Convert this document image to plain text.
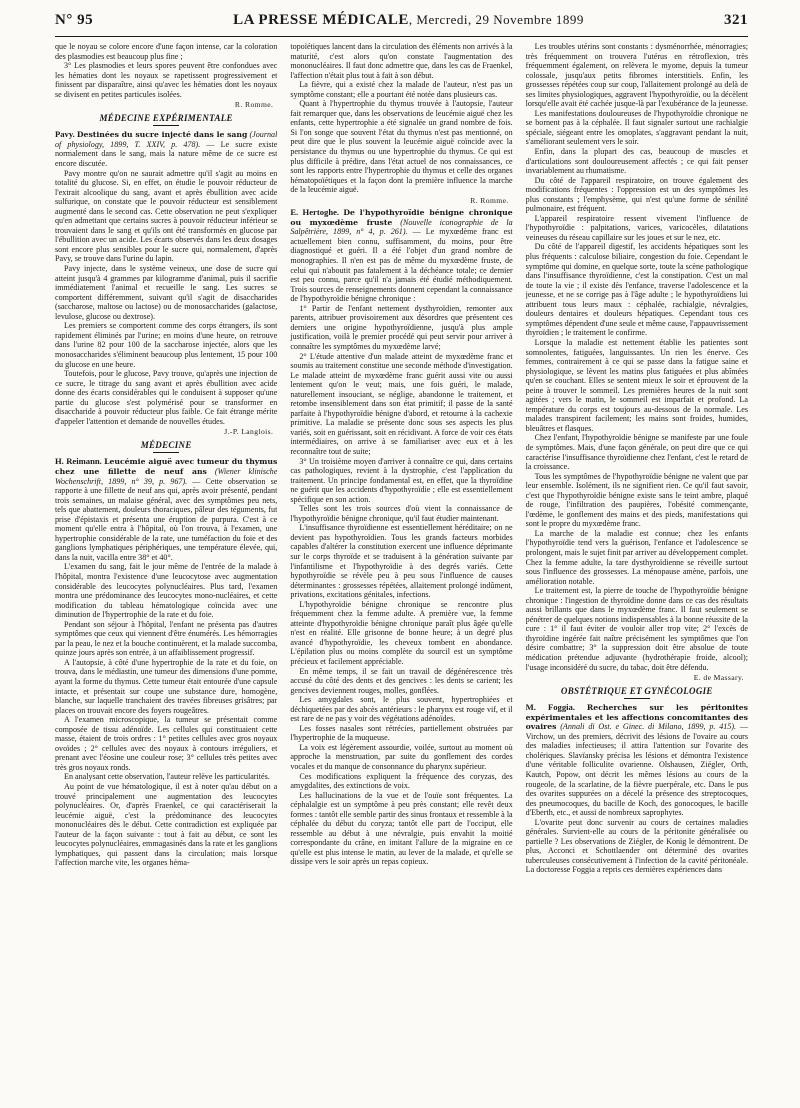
N° 95	LA PRESSE MÉDICALE, Mercredi, 29 Novembre 1899	321

que le noyau se colore encore d'une façon intense, car la coloration des plasmodies est beaucoup plus fine ;

3° Les plasmodies et leurs spores peuvent être confondues avec les hématies dont les noyaux se rapetissent progressivement et finissent par disparaître, ainsi qu'avec les hématies dont les noyaux se divisent en petites particules isolées.

R. Romme.
MÉDECINE EXPÉRIMENTALE

Pavy. Destinées du sucre injecté dans le sang (Journal of physiology, 1899, T. XXIV, p. 478). — Le sucre existe normalement dans le sang, mais la nature même de ce sucre est encore discutée.

Pavy montre qu'on ne saurait admettre qu'il s'agit au moins en totalité du glucose. Si, en effet, on étudie le pouvoir réducteur de l'extrait alcoolique du sang, avant et après ébullition avec acide sulfurique, on constate que le pouvoir réducteur est sensiblement augmenté dans le second cas. Cette observation ne peut s'expliquer qu'en admettant que certains sucres à pouvoir réducteur inférieur se trouvaient dans le sang et qu'ils ont été transformés en glucose par l'ébullition avec un acide. Les écarts observés dans les deux dosages sont encore plus sensibles pour le sucre qui, normalement, d'après Pavy, se trouve dans l'urine du lapin.

Pavy injecte, dans le système veineux, une dose de sucre qui atteint jusqu'à 4 grammes par kilogramme d'animal, puis il sacrifie immédiatement l'animal et recueille le sang. Les sucres se comportent différemment, suivant qu'il s'agit de disaccharides (saccharose, maltose ou lactose) ou de monosaccharides (galactose, levulose, glucose ou dextrose).

Les premiers se comportent comme des corps étrangers, ils sont rapidement éliminés par l'urine; en moins d'une heure, on retrouve dans l'urine 82 pour 100 de la saccharose injectée, alors que les monosaccharides s'éliminent beaucoup plus lentement, 15 pour 100 du glucose en une heure.

Toutefois, pour le glucose, Pavy trouve, qu'après une injection de ce sucre, le titrage du sang avant et après ébullition avec acide donne des écarts considérables qui le conduisent à supposer qu'une partie du glucose s'est polymérisé pour se transformer en disaccharide à pouvoir réducteur plus faible. Ce fait étrange mérite d'appeler l'attention et demande de nouvelles études.

J.-P. Langlois.
MÉDECINE

H. Reimann. Leucémie aiguë avec tumeur du thymus chez une fillette de neuf ans (Wiener klinische Wochenschrift, 1899, n° 39, p. 967). — Cette observation se rapporte à une fillette de neuf ans qui, après avoir présenté, pendant trois semaines, un malaise général, avec des symptômes peu nets, tels que abattement, douleurs thoraciques, pâleur des téguments, fut prise d'épistaxis et présenta une éruption de purpura. C'est à ce moment qu'elle entra à l'hôpital, où l'on trouva, à l'examen, une hypertrophie considérable de la rate, une tuméfaction du foie et des ganglions lymphatiques périphériques, une température élevée, qui, dans la nuit, vacilla entre 38° et 40°.

L'examen du sang, fait le jour même de l'entrée de la malade à l'hôpital, montra l'existence d'une leucocytose avec augmentation considérable des leucocytes polynucléaires. Plus tard, l'examen montra une prédominance des leucocytes mono-nucléaires, et cette modification du tableau hématologique coïncida avec une diminution de l'hypertrophie de la rate et du foie.

Pendant son séjour à l'hôpital, l'enfant ne présenta pas d'autres symptômes que ceux qui viennent d'être énumérés. Les hémorragies par la peau, le nez et la bouche continuèrent, et la malade succomba, quinze jours après son entrée, à un affaiblissement progressif.

A l'autopsie, à côté d'une hypertrophie de la rate et du foie, on trouva, dans le médiastin, une tumeur des dimensions d'une pomme, ayant la forme du thymus. Cette tumeur était entourée d'une capsule intacte, et présentait sur coupe une substance dure, homogène, blanche, sur laquelle tranchaient des travées fibreuses grisâtres; par places on trouvait encore des foyers rougeâtres.

A l'examen microscopique, la tumeur se présentait comme composée de tissu adénoïde. Les cellules qui constituaient cette masse, étaient de trois ordres : 1° petites cellules avec gros noyaux ovoïdes ; 2° cellules avec des noyaux à contours irréguliers, et prenant avec l'éosine une couleur rose; 3° cellules très petites avec très gros noyaux ronds.

En analysant cette observation, l'auteur relève les particularités.

Au point de vue hématologique, il est à noter qu'au début on a trouvé principalement une augmentation des leucocytes polynucléaires. Or, d'après Fraenkel, ce qui caractériserait la leucémie aiguë, c'est la prédominance des leucocytes mononucléaires dès le début. Cette contradiction est expliquée par l'auteur de la façon suivante : tout à fait au début, ce sont les leucocytes polynucléaires, emmagasinés dans la rate et les ganglions lymphatiques, qui passent dans la circulation; mais lorsque l'affection marche vite, les organes héma-

topoïétiques lancent dans la circulation des éléments non arrivés à la maturité, c'est alors qu'on constate l'augmentation des mononucléaires. Il faut donc admettre que, dans les cas de Fraenkel, l'affection n'était plus tout à fait à son début.

La fièvre, qui a existé chez la malade de l'auteur, n'est pas un symptôme constant; elle a pourtant été notée dans plusieurs cas.

Quant à l'hypertrophie du thymus trouvée à l'autopsie, l'auteur fait remarquer que, dans les observations de leucémie aiguë chez les enfants, cette hypertrophie a été signalée un grand nombre de fois. Si l'on songe que souvent l'état du thymus n'est pas mentionné, on peut dire que le plus souvent la leucémie aiguë coïncide avec la persistance du thymus ou une hypertrophie du thymus. Ce qui est plus difficile à prédire, dans l'état actuel de nos connaissances, ce sont les rapports entre l'hypertrophie du thymus et celle des organes hématopoïétiques et la façon dont la première influence la marche de la leucémie aiguë.

R. Romme.

E. Hertoghe. De l'hypothyroïdie bénigne chronique ou myxœdème fruste (Nouvelle iconographie de la Salpêtrière, 1899, n° 4, p. 261). — Le myxœdème franc est actuellement bien connu, suffisamment, du moins, pour être diagnostiqué et guéri. Il a été l'objet d'un grand nombre de monographies. Il n'en est pas de même du myxœdème fruste, de celui qui n'aboutit pas fatalement à la déchéance totale; ce dernier est peu connu, parce qu'il n'a jamais été étudié méthodiquement. Trois sources de renseignements donnent cependant la connaissance de l'hypothyroïdie bénigne chronique :

1° Partir de l'enfant nettement dysthyroïdien, remonter aux parents, attribuer provisoirement aux désordres que présentent ces derniers une origine hypothyroïdienne, jusqu'à plus ample justification, voilà le premier procédé qui peut servir pour arriver à connaître les symptômes du myxœdème larvé;

2° L'étude attentive d'un malade atteint de myxœdème franc et soumis au traitement constitue une seconde méthode d'investigation. Le malade atteint de myxœdème franc guérit aussi vite ou aussi lentement qu'on le veut; mais, une fois guéri, le malade, naturellement insouciant, se néglige, abandonne le traitement, et retombe insensiblement dans son état primitif; il passe de la santé parfaite à l'hypothyroïdie bénigne d'abord, et retourne à la cachexie primitive. La maladie se présente donc sous ses aspects les plus variés, soit en guérissant, soit en récidivant. A force de voir ces états intermédiaires, on arrive à se familiariser avec eux et à les reconnaître tout de suite;

3° Un troisième moyen d'arriver à connaître ce qui, dans certains cas pathologiques, revient à la dystrophie, c'est l'application du traitement. Un principe fondamental est, en effet, que la thyroïdine ne guérit que les accidents d'hypothyroïdie ; elle est essentiellement spécifique en son action.

Telles sont les trois sources d'où vient la connaissance de l'hypothyroïdie bénigne chronique, qu'il faut étudier maintenant.

L'insuffisance thyroïdienne est essentiellement héréditaire; on ne devient pas hypothyroïdien. Tous les grands facteurs morbides capables d'altérer la constitution exercent une influence déprimante sur le corps thyroïde et se traduisent à la génération suivante par l'infantilisme et l'hypothyroïdie à des degrés variés. Cette hypothyroïdie se révèle peu à peu sous l'influence de causes déterminantes : grossesses répétées, allaitement prolongé indûment, privations, excitations génitales, infections.

L'hypothyroïdie bénigne chronique se rencontre plus fréquemment chez la femme adulte. A première vue, la femme atteinte d'hypothyroïdie bénigne chronique paraît plus âgée qu'elle n'est en réalité. Elle grisonne de bonne heure; à un degré plus avancé d'hypothyroïdie, les cheveux tombent en abondance. L'épilation plus ou moins complète du sourcil est un symptôme précieux et facilement appréciable.

En même temps, il se fait un travail de dégénérescence très accusé du côté des dents et des gencives : les dents se carient; les gencives deviennent rouges, molles, gonflées.

Les amygdales sont, le plus souvent, hypertrophiées et déchiquetées par des abcès antérieurs : le pharynx est rouge vif, et il est rare de ne pas y voir des végétations adénoïdes.

Les fosses nasales sont rétrécies, partiellement obstruées par l'hypertrophie de la muqueuse.

La voix est légèrement assourdie, voilée, surtout au moment où approche la menstruation, par suite du gonflement des cordes vocales et du manque de consonnance du pharynx supérieur.

Ces modifications expliquent la fréquence des coryzas, des amygdalites, des extinctions de voix.

Les hallucinations de la vue et de l'ouïe sont fréquentes. La céphalalgie est un symptôme à peu près constant; elle revêt deux formes : tantôt elle semble partir des sinus frontaux et ressemble à la céphalée du début du coryza; tantôt elle part de l'occiput, elle ressemble au début à une névralgie, puis envahit la moitié correspondante du crâne, en imitant l'allure de la migraine en ce qu'elle est plus intense le matin, au lever de la malade, et qu'elle se dissipe vers le soir après un repas copieux.

Les troubles utérins sont constants : dysménorrhée, ménorragies; très fréquemment on trouvera l'utérus en rétroflexion, très fréquemment également, on relèvera le myome, depuis la tumeur colossale, jusqu'aux petits fibromes interstitiels. Enfin, les grossesses répétées coup sur coup, l'allaitement prolongé au delà de ses limites physiologiques, aggravent l'hypothyroïdie, ou la décèlent lorsqu'elle avait été cachée jusque-là par l'exubérance de la jeunesse.

Les manifestations douloureuses de l'hypothyroïdie chronique ne se bornent pas à la céphalée. Il faut signaler surtout une rachialgie spéciale, siégeant entre les omoplates, s'aggravant pendant la nuit, s'améliorant seulement vers le soir.

Enfin, dans la plupart des cas, beaucoup de muscles et d'articulations sont douloureusement affectés ; ce qui fait penser invariablement au rhumatisme.

Du côté de l'appareil respiratoire, on trouve également des modifications fréquentes : l'oppression est un des symptômes les plus constants ; l'emphysème, qui n'est qu'une forme de sénilité pulmonaire, est fréquent.

L'appareil respiratoire ressent vivement l'influence de l'hypothyroïdie : palpitations, varices, varicocèles, dilatations veineuses du réseau capillaire sur les joues et sur le nez, etc.

Du côté de l'appareil digestif, les accidents hépatiques sont les plus fréquents : calculose biliaire, congestion du foie. Cependant le symptôme qui domine, en quelque sorte, toute la scène pathologique dans l'insuffisance thyroïdienne, c'est la constipation. C'est un mal de toute la vie ; il existe dès l'enfance, traverse l'adolescence et la jeunesse, et ne se corrige pas à l'âge adulte ; le hypothyroïdiens lui attribuent tous leurs maux : céphalée, rachialgie, névralgies, douleurs dentaires et douleurs hépatiques. Cependant tous ces symptômes dépendent d'une seule et même cause, l'appauvrissement thyroïdien ; le traitement le confirme.

Lorsque la maladie est nettement établie les patientes sont somnolentes, fatiguées, languissantes. Un rien les énerve. Ces femmes, contrairement à ce qui se passe dans la fatigue saine et physiologique, se lèvent les matins plus fatiguées et plus abîmées qu'en se couchant. Elles se sentent mieux le soir et éprouvent de la peine à trouver le sommeil. Les premières heures de la nuit sont agitées ; vers le matin, le sommeil est imparfait et profond. La température du corps est toujours au-dessous de la normale. Les malades transpirent facilement; les mains sont froides, humides, bleuâtres et flasques.

Chez l'enfant, l'hypothyroïdie bénigne se manifeste par une foule de symptômes. Mais, d'une façon générale, on peut dire que ce qui caractérise l'insuffisance thyroïdienne chez l'enfant, c'est le retard de la croissance.

Tous les symptômes de l'hypothyroïdie bénigne ne valent que par leur ensemble. Isolément, ils ne signifient rien. Ce qu'il faut savoir, c'est que l'hypothyroïdie bénigne existe sans le teint ambre, plaqué de rouge, l'infiltration des paupières, l'obésité commençante, l'œdème, le gonflement des mains et des pieds, manifestations qui sont le propre du myxœdème franc.

La marche de la maladie est connue; chez les enfants l'hypothyroïdie tend vers la guérison, l'enfance et l'adolescence se prolongent, mais le sujet finit par arriver au développement complet. Chez la femme adulte, la tare dysthyroïdienne se réveille surtout sous l'influence des grossesses. La ménopause amène, parfois, une amélioration notable.

Le traitement est, la pierre de touche de l'hypothyroïdie bénigne chronique : l'ingestion de thyroïdine donne dans ce cas des résultats aussi brillants que dans le myxœdème franc. Il faut seulement se pénétrer de quelques notions indispensables à la bonne réussite de la cure : 1° il faut éviter de vouloir aller trop vite; 2° l'excès de thyroïdine ingérée fait naître précisément les symptômes que l'on désire combattre; 3° la suppression doit être absolue de toute médication prétendue adjuvante (hydrothérapie froide, alcool); l'usage inconsidéré du sucre, du tabac, doit être défendu.

E. de Massary.
OBSTÉTRIQUE ET GYNÉCOLOGIE

M. Foggia. Recherches sur les péritonites expérimentales et les affections concomitantes des ovaires (Annali di Ost. e Ginec. di Milano, 1899, p. 415). — Virchow, un des premiers, décrivit des lésions de l'ovaire au cours des maladies infectieuses; il attira l'attention sur l'ovarite des cholériques. Slavïansky précisa les lésions et démontra l'existence d'une véritable folliculite ovarienne. Olshausen, Ziégler, Orth, Kautch, Popow, ont décrit les mêmes lésions au cours de la rougeole, de la scarlatine, de la fièvre puerpérale, etc. Dans le pus des ovarites suppurées on a décelé la présence des streptocoques, des pneumocoques, du bacille de Koch, des gonocoques, le bacille d'Eberth, etc., et aussi de nombreux saprophytes.

L'ovarite peut donc survenir au cours de certaines maladies générales. Survient-elle au cours de la péritonite généralisée ou partielle ? Les observations de Ziégler, de Konig le démontrent. De plus, Acconci et Schottlaender ont déterminé des ovarites tuberculeuses consécutivement à l'infection de la cavité péritonéale. La doctoresse Foggia a repris ces dernières expériences dans
